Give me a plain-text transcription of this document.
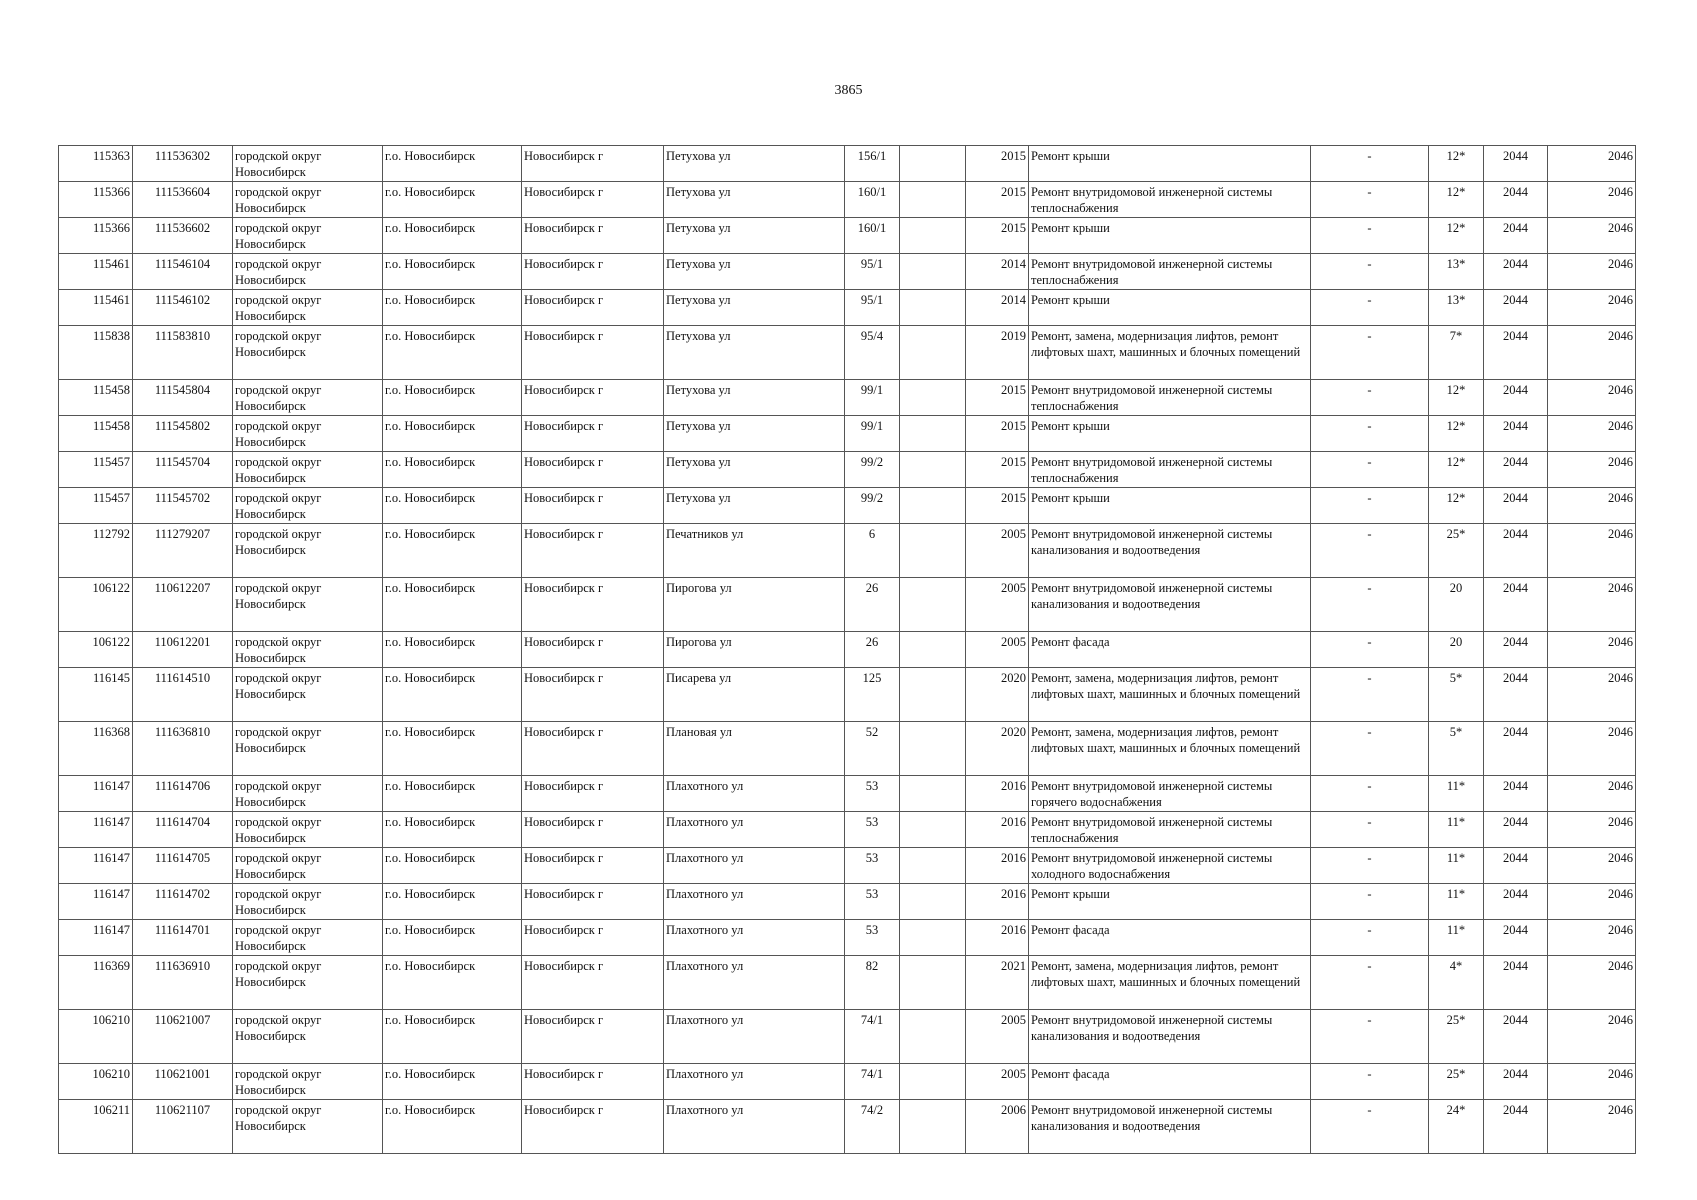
3865
115363	111536302	городской округ Новосибирск	г.о. Новосибирск	Новосибирск г	Петухова ул	156/1		2015	Ремонт крыши	-	12*	2044	2046
115366	111536604	городской округ Новосибирск	г.о. Новосибирск	Новосибирск г	Петухова ул	160/1		2015	Ремонт внутридомовой инженерной системы теплоснабжения	-	12*	2044	2046
115366	111536602	городской округ Новосибирск	г.о. Новосибирск	Новосибирск г	Петухова ул	160/1		2015	Ремонт крыши	-	12*	2044	2046
115461	111546104	городской округ Новосибирск	г.о. Новосибирск	Новосибирск г	Петухова ул	95/1		2014	Ремонт внутридомовой инженерной системы теплоснабжения	-	13*	2044	2046
115461	111546102	городской округ Новосибирск	г.о. Новосибирск	Новосибирск г	Петухова ул	95/1		2014	Ремонт крыши	-	13*	2044	2046
115838	111583810	городской округ Новосибирск	г.о. Новосибирск	Новосибирск г	Петухова ул	95/4		2019	Ремонт, замена, модернизация лифтов, ремонт лифтовых шахт, машинных и блочных помещений	-	7*	2044	2046
115458	111545804	городской округ Новосибирск	г.о. Новосибирск	Новосибирск г	Петухова ул	99/1		2015	Ремонт внутридомовой инженерной системы теплоснабжения	-	12*	2044	2046
115458	111545802	городской округ Новосибирск	г.о. Новосибирск	Новосибирск г	Петухова ул	99/1		2015	Ремонт крыши	-	12*	2044	2046
115457	111545704	городской округ Новосибирск	г.о. Новосибирск	Новосибирск г	Петухова ул	99/2		2015	Ремонт внутридомовой инженерной системы теплоснабжения	-	12*	2044	2046
115457	111545702	городской округ Новосибирск	г.о. Новосибирск	Новосибирск г	Петухова ул	99/2		2015	Ремонт крыши	-	12*	2044	2046
112792	111279207	городской округ Новосибирск	г.о. Новосибирск	Новосибирск г	Печатников ул	6		2005	Ремонт внутридомовой инженерной системы канализования и водоотведения	-	25*	2044	2046
106122	110612207	городской округ Новосибирск	г.о. Новосибирск	Новосибирск г	Пирогова ул	26		2005	Ремонт внутридомовой инженерной системы канализования и водоотведения	-	20	2044	2046
106122	110612201	городской округ Новосибирск	г.о. Новосибирск	Новосибирск г	Пирогова ул	26		2005	Ремонт фасада	-	20	2044	2046
116145	111614510	городской округ Новосибирск	г.о. Новосибирск	Новосибирск г	Писарева ул	125		2020	Ремонт, замена, модернизация лифтов, ремонт лифтовых шахт, машинных и блочных помещений	-	5*	2044	2046
116368	111636810	городской округ Новосибирск	г.о. Новосибирск	Новосибирск г	Плановая ул	52		2020	Ремонт, замена, модернизация лифтов, ремонт лифтовых шахт, машинных и блочных помещений	-	5*	2044	2046
116147	111614706	городской округ Новосибирск	г.о. Новосибирск	Новосибирск г	Плахотного ул	53		2016	Ремонт внутридомовой инженерной системы горячего водоснабжения	-	11*	2044	2046
116147	111614704	городской округ Новосибирск	г.о. Новосибирск	Новосибирск г	Плахотного ул	53		2016	Ремонт внутридомовой инженерной системы теплоснабжения	-	11*	2044	2046
116147	111614705	городской округ Новосибирск	г.о. Новосибирск	Новосибирск г	Плахотного ул	53		2016	Ремонт внутридомовой инженерной системы холодного водоснабжения	-	11*	2044	2046
116147	111614702	городской округ Новосибирск	г.о. Новосибирск	Новосибирск г	Плахотного ул	53		2016	Ремонт крыши	-	11*	2044	2046
116147	111614701	городской округ Новосибирск	г.о. Новосибирск	Новосибирск г	Плахотного ул	53		2016	Ремонт фасада	-	11*	2044	2046
116369	111636910	городской округ Новосибирск	г.о. Новосибирск	Новосибирск г	Плахотного ул	82		2021	Ремонт, замена, модернизация лифтов, ремонт лифтовых шахт, машинных и блочных помещений	-	4*	2044	2046
106210	110621007	городской округ Новосибирск	г.о. Новосибирск	Новосибирск г	Плахотного ул	74/1		2005	Ремонт внутридомовой инженерной системы канализования и водоотведения	-	25*	2044	2046
106210	110621001	городской округ Новосибирск	г.о. Новосибирск	Новосибирск г	Плахотного ул	74/1		2005	Ремонт фасада	-	25*	2044	2046
106211	110621107	городской округ Новосибирск	г.о. Новосибирск	Новосибирск г	Плахотного ул	74/2		2006	Ремонт внутридомовой инженерной системы канализования и водоотведения	-	24*	2044	2046
